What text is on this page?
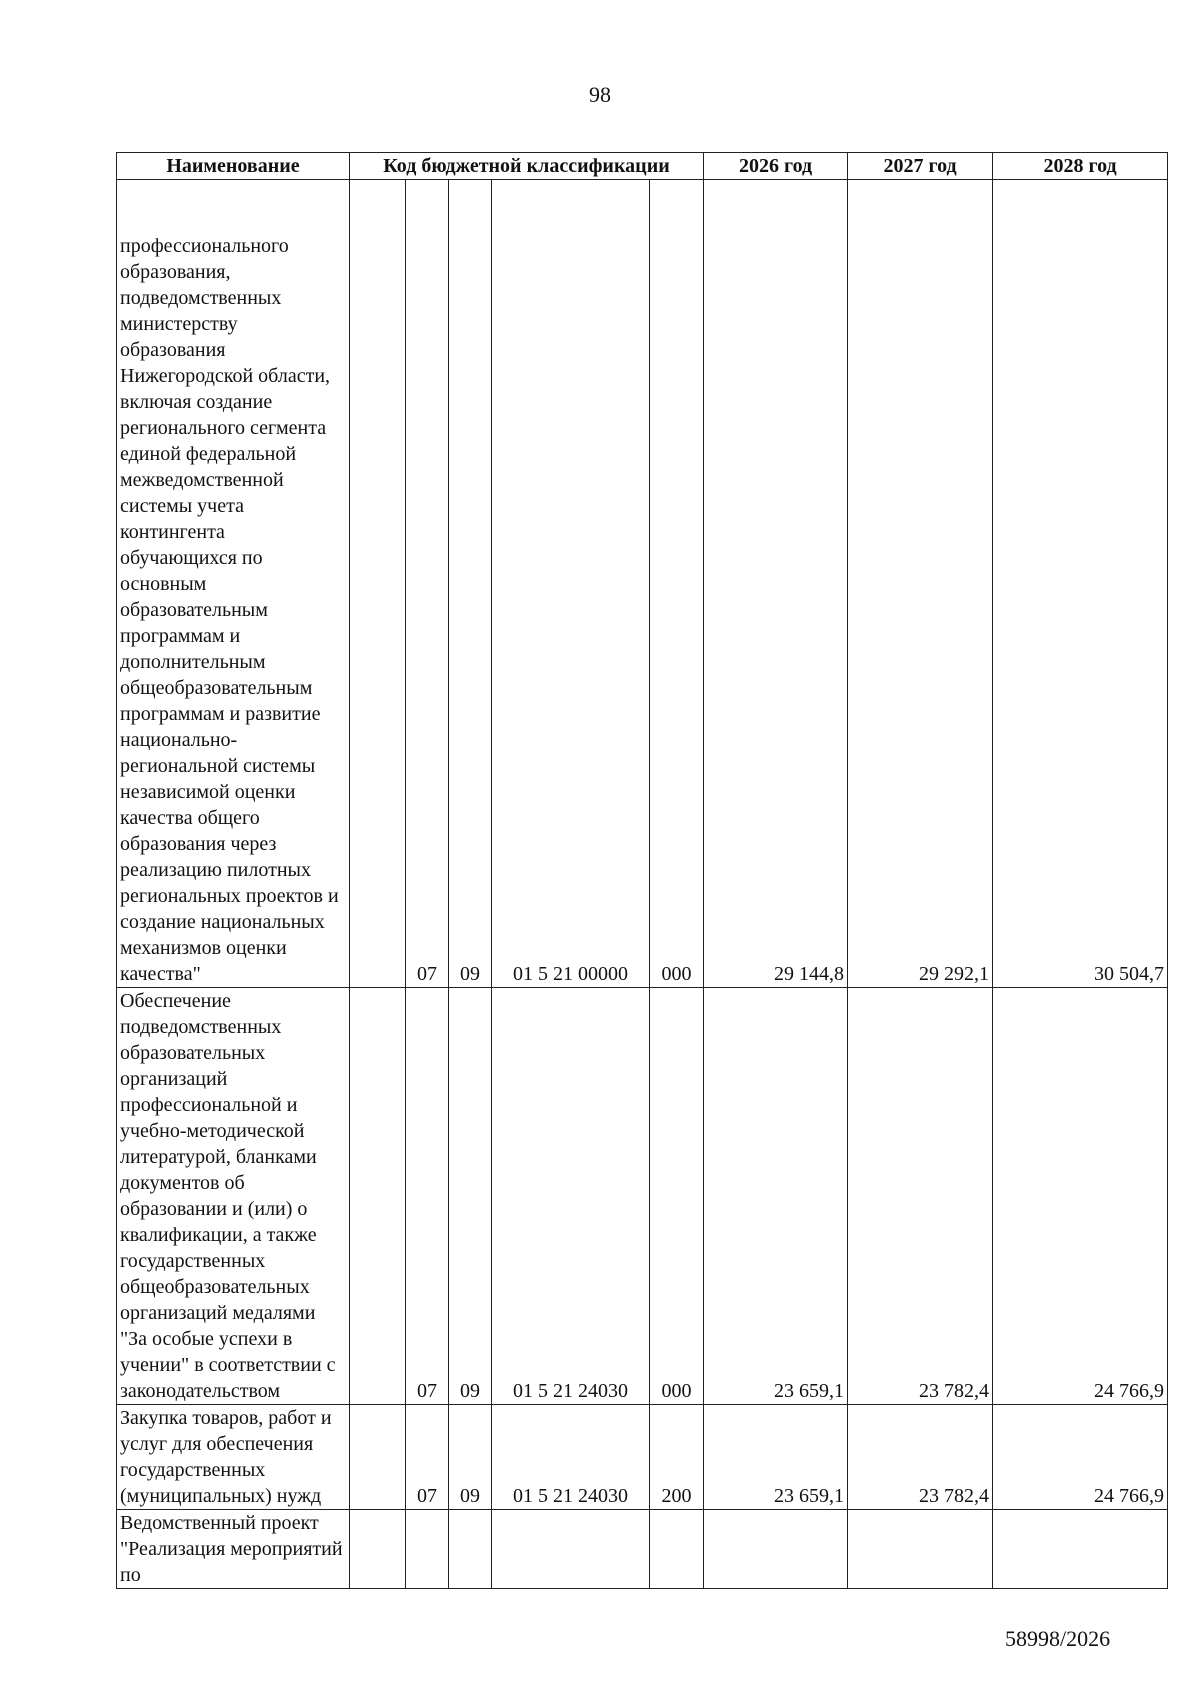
98
Наименование	Код бюджетной классификации					2026 год	2027 год	2028 год
профессионального образования, подведомственных министерству образования Нижегородской области, включая создание регионального сегмента единой федеральной межведомственной системы учета контингента обучающихся по основным образовательным программам и дополнительным общеобразовательным программам и развитие национально-региональной системы независимой оценки качества общего образования через реализацию пилотных региональных проектов и создание национальных механизмов оценки качества"		07	09	01 5 21 00000	000	29 144,8	29 292,1	30 504,7
Обеспечение подведомственных образовательных организаций профессиональной и учебно-методической литературой, бланками документов об образовании и (или) о квалификации, а также государственных общеобразовательных организаций медалями "За особые успехи в учении" в соответствии с законодательством		07	09	01 5 21 24030	000	23 659,1	23 782,4	24 766,9
Закупка товаров, работ и услуг для обеспечения государственных (муниципальных) нужд		07	09	01 5 21 24030	200	23 659,1	23 782,4	24 766,9
Ведомственный проект "Реализация мероприятий по								
58998/2026
